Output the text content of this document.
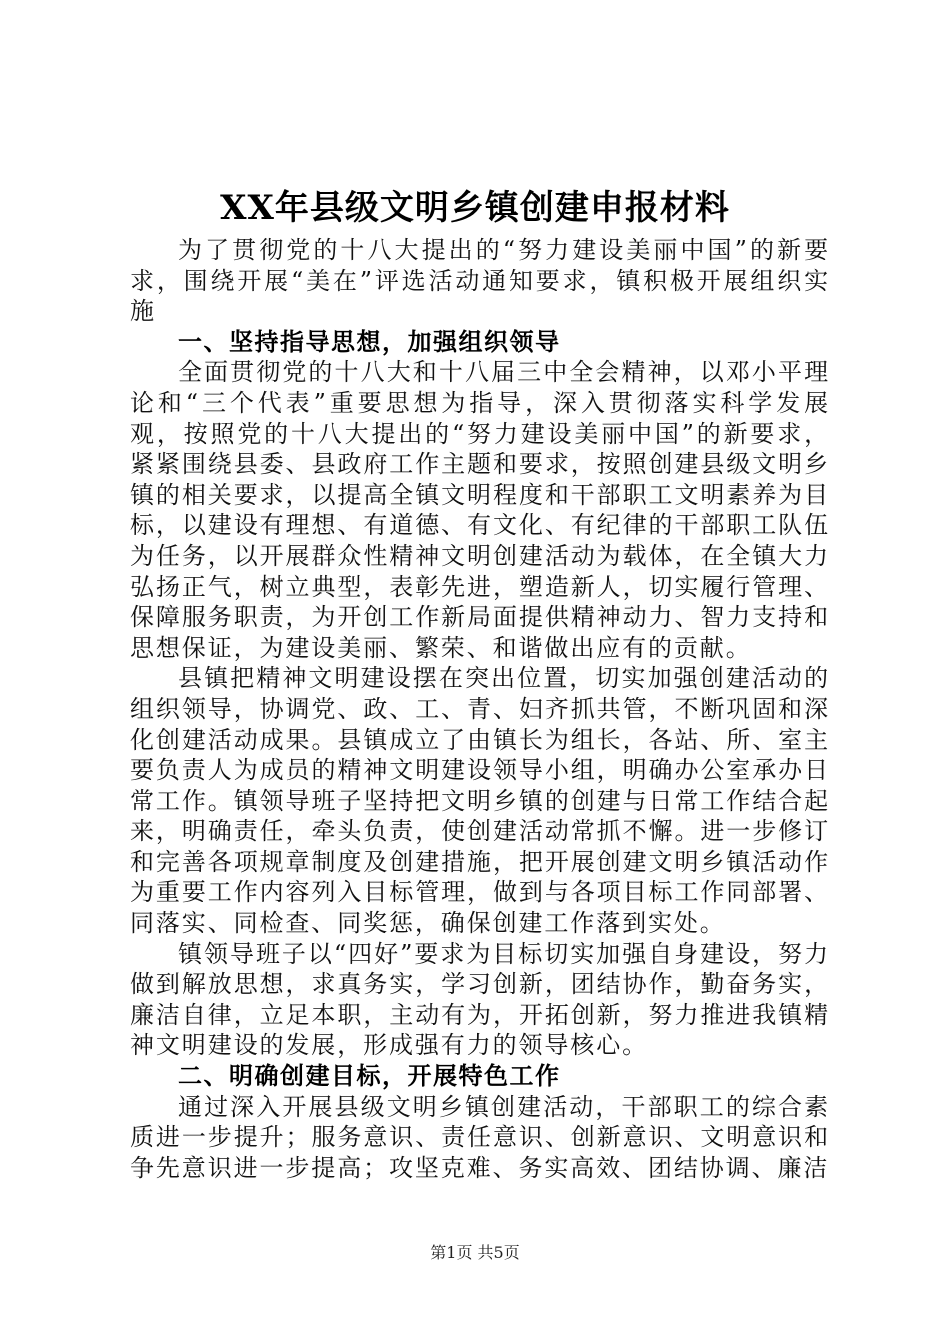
XX年县级文明乡镇创建申报材料

为了贯彻党的十八大提出的“努力建设美丽中国”的新要求，围绕开展“美在”评选活动通知要求，镇积极开展组织实施

一、坚持指导思想，加强组织领导

全面贯彻党的十八大和十八届三中全会精神，以邓小平理论和“三个代表”重要思想为指导，深入贯彻落实科学发展观，按照党的十八大提出的“努力建设美丽中国”的新要求，紧紧围绕县委、县政府工作主题和要求，按照创建县级文明乡镇的相关要求，以提高全镇文明程度和干部职工文明素养为目标，以建设有理想、有道德、有文化、有纪律的干部职工队伍为任务，以开展群众性精神文明创建活动为载体，在全镇大力弘扬正气，树立典型，表彰先进，塑造新人，切实履行管理、保障服务职责，为开创工作新局面提供精神动力、智力支持和思想保证，为建设美丽、繁荣、和谐做出应有的贡献。

县镇把精神文明建设摆在突出位置，切实加强创建活动的组织领导，协调党、政、工、青、妇齐抓共管，不断巩固和深化创建活动成果。县镇成立了由镇长为组长，各站、所、室主要负责人为成员的精神文明建设领导小组，明确办公室承办日常工作。镇领导班子坚持把文明乡镇的创建与日常工作结合起来，明确责任，牵头负责，使创建活动常抓不懈。进一步修订和完善各项规章制度及创建措施，把开展创建文明乡镇活动作为重要工作内容列入目标管理，做到与各项目标工作同部署、同落实、同检查、同奖惩，确保创建工作落到实处。

镇领导班子以“四好”要求为目标切实加强自身建设，努力做到解放思想，求真务实，学习创新，团结协作，勤奋务实，廉洁自律，立足本职，主动有为，开拓创新，努力推进我镇精神文明建设的发展，形成强有力的领导核心。

二、明确创建目标，开展特色工作

通过深入开展县级文明乡镇创建活动，干部职工的综合素质进一步提升；服务意识、责任意识、创新意识、文明意识和争先意识进一步提高；攻坚克难、务实高效、团结协调、廉洁

第1页 共5页
